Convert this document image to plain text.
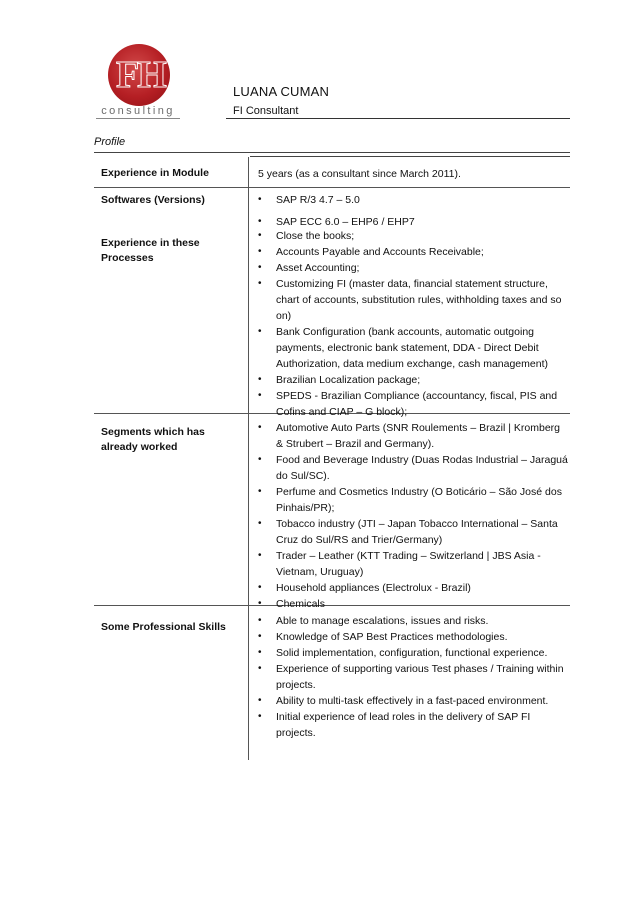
FH
consulting
LUANA CUMAN
FI Consultant
Profile
Experience in Module	5 years (as a consultant since March 2011).
Softwares (Versions)	• SAP R/3 4.7 – 5.0
• SAP ECC 6.0 – EHP6 / EHP7
Experience in these Processes
• Close the books;
• Accounts Payable and Accounts Receivable;
• Asset Accounting;
• Customizing FI (master data, financial statement structure, chart of accounts, substitution rules, withholding taxes and so on)
• Bank Configuration (bank accounts, automatic outgoing payments, electronic bank statement, DDA - Direct Debit Authorization, data medium exchange, cash management)
• Brazilian Localization package;
• SPEDS - Brazilian Compliance (accountancy, fiscal, PIS and Cofins and CIAP – G block);
Segments which has already worked
• Automotive Auto Parts (SNR Roulements – Brazil | Kromberg & Strubert – Brazil and Germany).
• Food and Beverage Industry (Duas Rodas Industrial – Jaraguá do Sul/SC).
• Perfume and Cosmetics Industry (O Boticário – São José dos Pinhais/PR);
• Tobacco industry (JTI – Japan Tobacco International – Santa Cruz do Sul/RS and Trier/Germany)
• Trader – Leather (KTT Trading – Switzerland | JBS Asia - Vietnam, Uruguay)
• Household appliances (Electrolux - Brazil)
• Chemicals
Some Professional Skills
• Able to manage escalations, issues and risks.
• Knowledge of SAP Best Practices methodologies.
• Solid implementation, configuration, functional experience.
• Experience of supporting various Test phases / Training within projects.
• Ability to multi-task effectively in a fast-paced environment.
• Initial experience of lead roles in the delivery of SAP FI projects.
